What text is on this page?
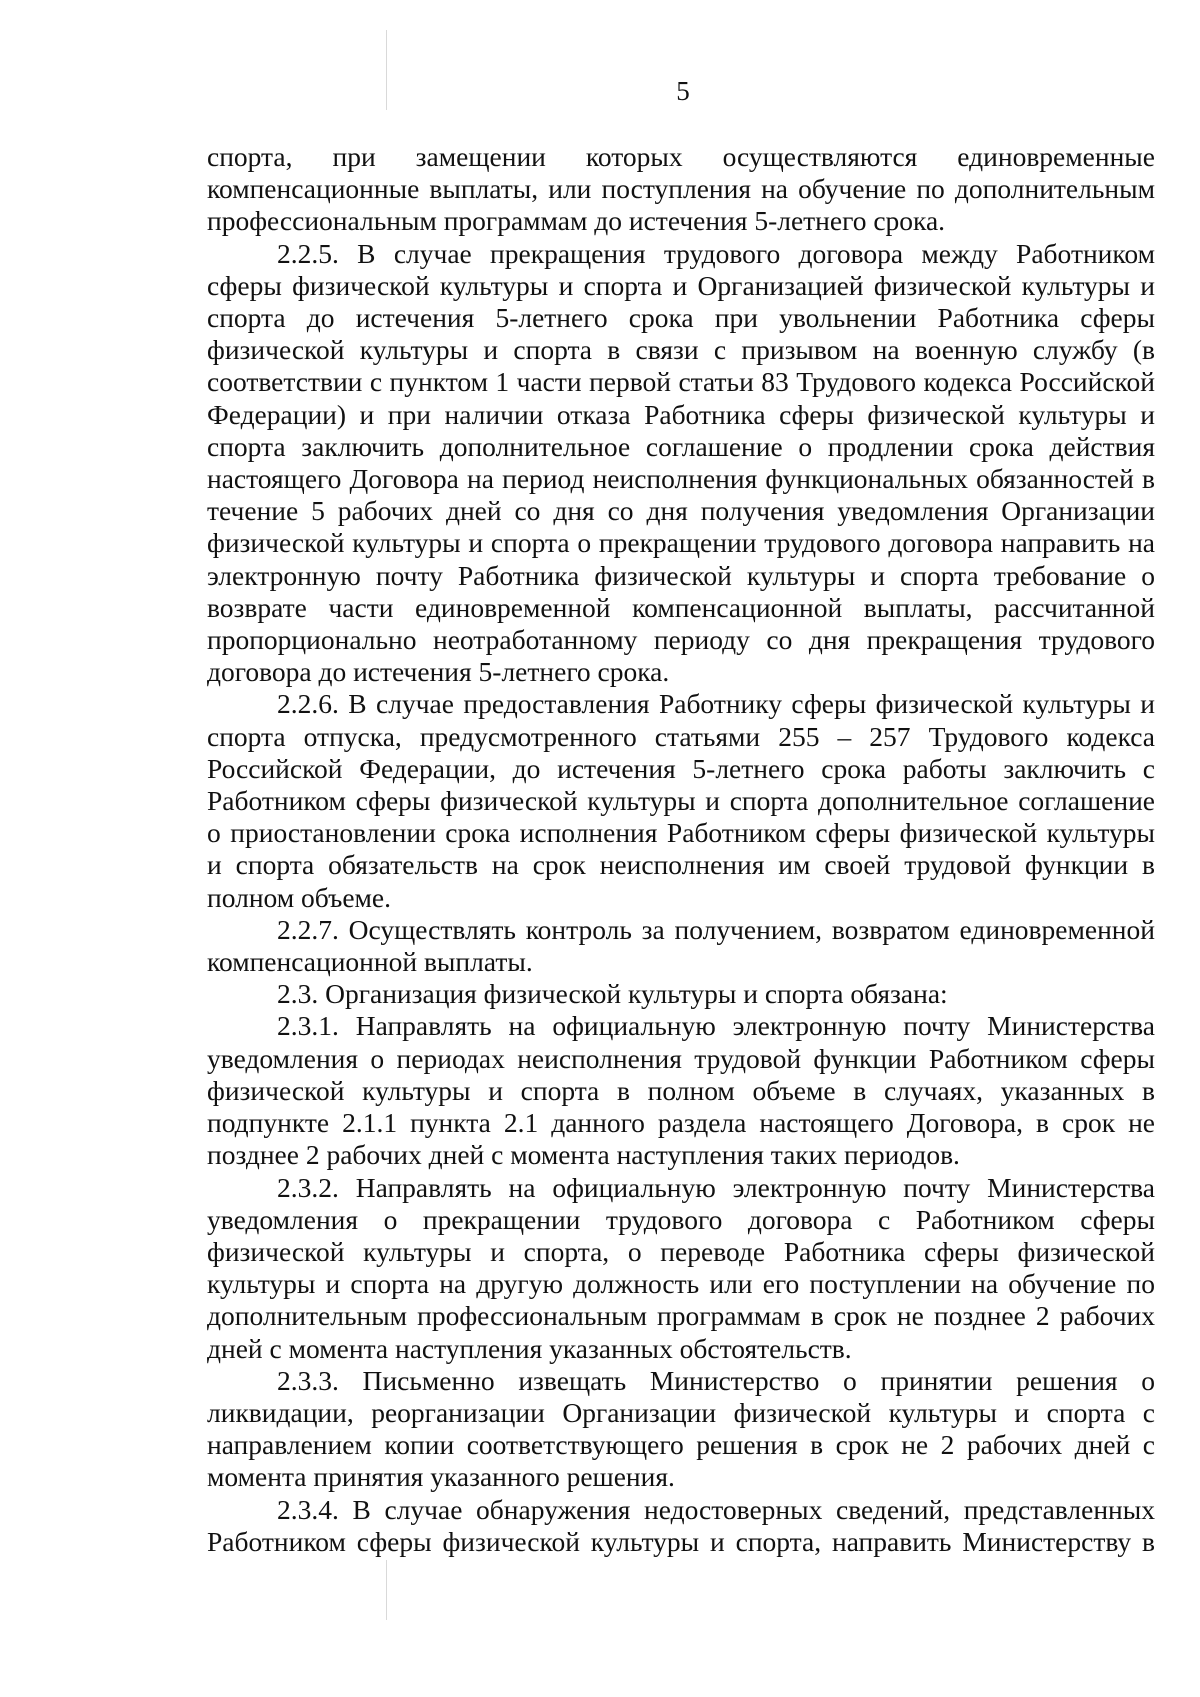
5

спорта, при замещении которых осуществляются единовременные компенсационные выплаты, или поступления на обучение по дополнительным профессиональным программам до истечения 5-летнего срока.

2.2.5. В случае прекращения трудового договора между Работником сферы физической культуры и спорта и Организацией физической культуры и спорта до истечения 5-летнего срока при увольнении Работника сферы физической культуры и спорта в связи с призывом на военную службу (в соответствии с пунктом 1 части первой статьи 83 Трудового кодекса Российской Федерации) и при наличии отказа Работника сферы физической культуры и спорта заключить дополнительное соглашение о продлении срока действия настоящего Договора на период неисполнения функциональных обязанностей в течение 5 рабочих дней со дня со дня получения уведомления Организации физической культуры и спорта о прекращении трудового договора направить на электронную почту Работника физической культуры и спорта требование о возврате части единовременной компенсационной выплаты, рассчитанной пропорционально неотработанному периоду со дня прекращения трудового договора до истечения 5-летнего срока.

2.2.6. В случае предоставления Работнику сферы физической культуры и спорта отпуска, предусмотренного статьями 255 – 257 Трудового кодекса Российской Федерации, до истечения 5-летнего срока работы заключить с Работником сферы физической культуры и спорта дополнительное соглашение о приостановлении срока исполнения Работником сферы физической культуры и спорта обязательств на срок неисполнения им своей трудовой функции в полном объеме.

2.2.7. Осуществлять контроль за получением, возвратом единовременной компенсационной выплаты.

2.3. Организация физической культуры и спорта обязана:

2.3.1. Направлять на официальную электронную почту Министерства уведомления о периодах неисполнения трудовой функции Работником сферы физической культуры и спорта в полном объеме в случаях, указанных в подпункте 2.1.1 пункта 2.1 данного раздела настоящего Договора, в срок не позднее 2 рабочих дней с момента наступления таких периодов.

2.3.2. Направлять на официальную электронную почту Министерства уведомления о прекращении трудового договора с Работником сферы физической культуры и спорта, о переводе Работника сферы физической культуры и спорта на другую должность или его поступлении на обучение по дополнительным профессиональным программам в срок не позднее 2 рабочих дней с момента наступления указанных обстоятельств.

2.3.3. Письменно извещать Министерство о принятии решения о ликвидации, реорганизации Организации физической культуры и спорта с направлением копии соответствующего решения в срок не 2 рабочих дней с момента принятия указанного решения.

2.3.4. В случае обнаружения недостоверных сведений, представленных Работником сферы физической культуры и спорта, направить Министерству в
